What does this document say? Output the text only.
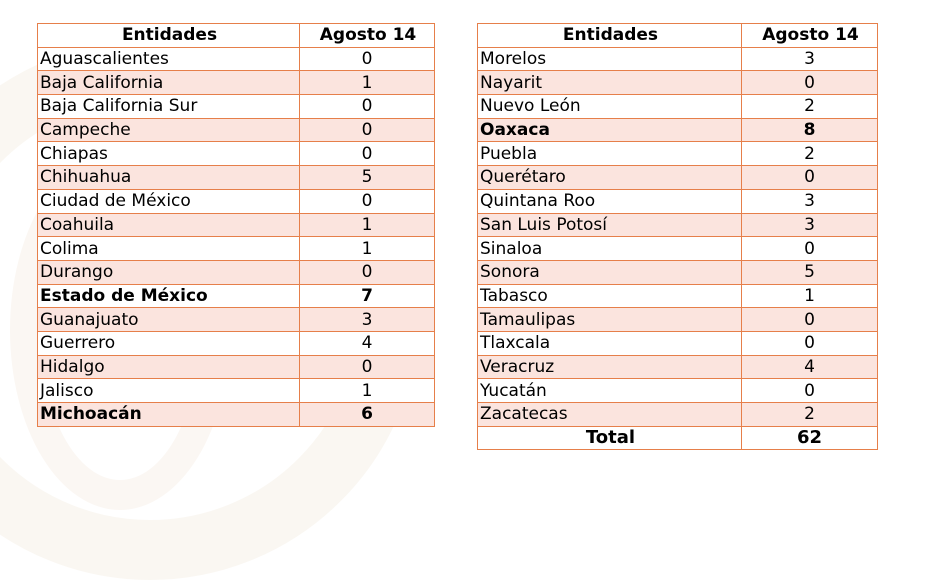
Entidades	Agosto 14
Aguascalientes	0
Baja California	1
Baja California Sur	0
Campeche	0
Chiapas	0
Chihuahua	5
Ciudad de México	0
Coahuila	1
Colima	1
Durango	0
Estado de México	7
Guanajuato	3
Guerrero	4
Hidalgo	0
Jalisco	1
Michoacán	6
Entidades	Agosto 14
Morelos	3
Nayarit	0
Nuevo León	2
Oaxaca	8
Puebla	2
Querétaro	0
Quintana Roo	3
San Luis Potosí	3
Sinaloa	0
Sonora	5
Tabasco	1
Tamaulipas	0
Tlaxcala	0
Veracruz	4
Yucatán	0
Zacatecas	2
Total	62
